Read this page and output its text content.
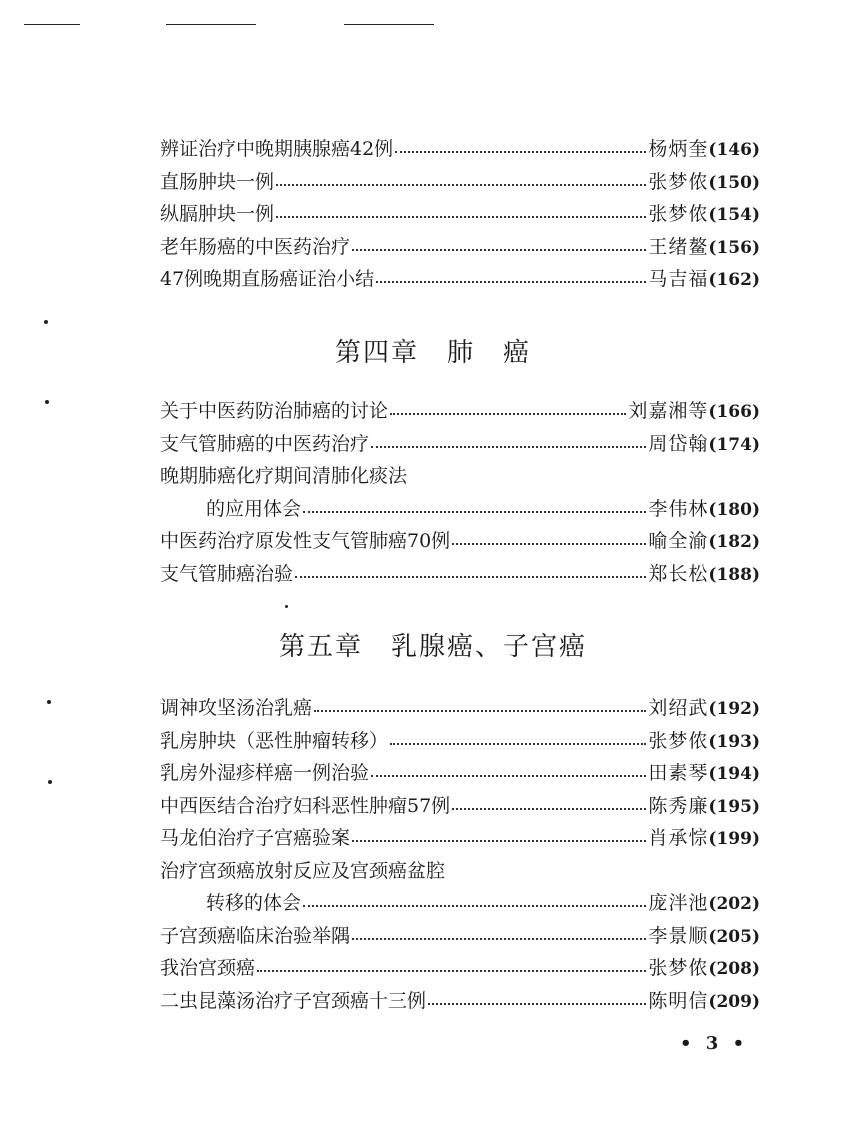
辨证治疗中晚期胰腺癌42例	杨炳奎 (146)
直肠肿块一例	张梦侬 (150)
纵膈肿块一例	张梦侬 (154)
老年肠癌的中医药治疗	王绪鳌 (156)
47例晚期直肠癌证治小结	马吉福 (162)
第四章　肺　癌
关于中医药防治肺癌的讨论	刘嘉湘等 (166)
支气管肺癌的中医药治疗	周岱翰 (174)
晚期肺癌化疗期间清肺化痰法
的应用体会	李伟林 (180)
中医药治疗原发性支气管肺癌70例	喻全渝 (182)
支气管肺癌治验	郑长松 (188)
第五章　乳腺癌、子宫癌
调神攻坚汤治乳癌	刘绍武 (192)
乳房肿块（恶性肿瘤转移）	张梦侬 (193)
乳房外湿疹样癌一例治验	田素琴 (194)
中西医结合治疗妇科恶性肿瘤57例	陈秀廉 (195)
马龙伯治疗子宫癌验案	肖承悰 (199)
治疗宫颈癌放射反应及宫颈癌盆腔
转移的体会	庞泮池 (202)
子宫颈癌临床治验举隅	李景顺 (205)
我治宫颈癌	张梦侬 (208)
二虫昆藻汤治疗子宫颈癌十三例	陈明信 (209)
• 3 •
